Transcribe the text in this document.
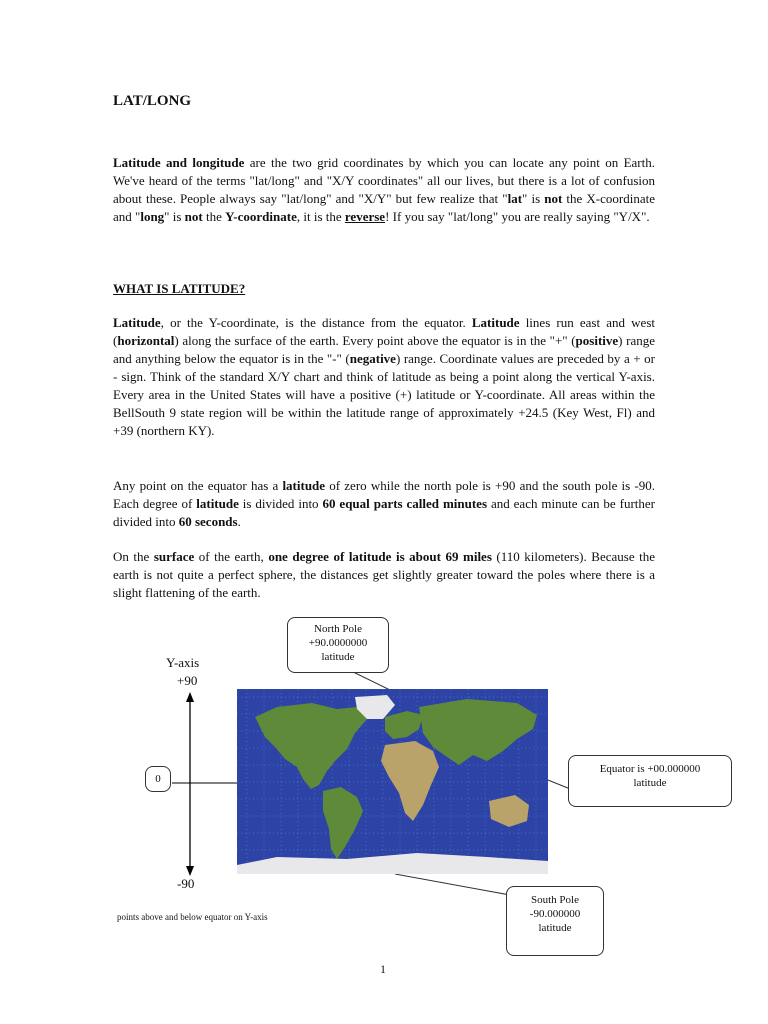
LAT/LONG

Latitude and longitude are the two grid coordinates by which you can locate any point on Earth. We've heard of the terms "lat/long" and "X/Y coordinates" all our lives, but there is a lot of confusion about these. People always say "lat/long" and "X/Y" but few realize that "lat" is not the X-coordinate and "long" is not the Y-coordinate, it is the reverse! If you say "lat/long" you are really saying "Y/X".

WHAT IS LATITUDE?

Latitude, or the Y-coordinate, is the distance from the equator. Latitude lines run east and west (horizontal) along the surface of the earth. Every point above the equator is in the "+" (positive) range and anything below the equator is in the "-" (negative) range. Coordinate values are preceded by a + or - sign. Think of the standard X/Y chart and think of latitude as being a point along the vertical Y-axis. Every area in the United States will have a positive (+) latitude or Y-coordinate. All areas within the BellSouth 9 state region will be within the latitude range of approximately +24.5 (Key West, Fl) and +39 (northern KY).

Any point on the equator has a latitude of zero while the north pole is +90 and the south pole is -90. Each degree of latitude is divided into 60 equal parts called minutes and each minute can be further divided into 60 seconds.

On the surface of the earth, one degree of latitude is about 69 miles (110 kilometers). Because the earth is not quite a perfect sphere, the distances get slightly greater toward the poles where there is a slight flattening of the earth.

Y-axis
+90
-90
0
North Pole
+90.0000000
latitude
Equator is +00.000000
latitude
South Pole
-90.000000
latitude
points above and below equator on Y-axis
1
